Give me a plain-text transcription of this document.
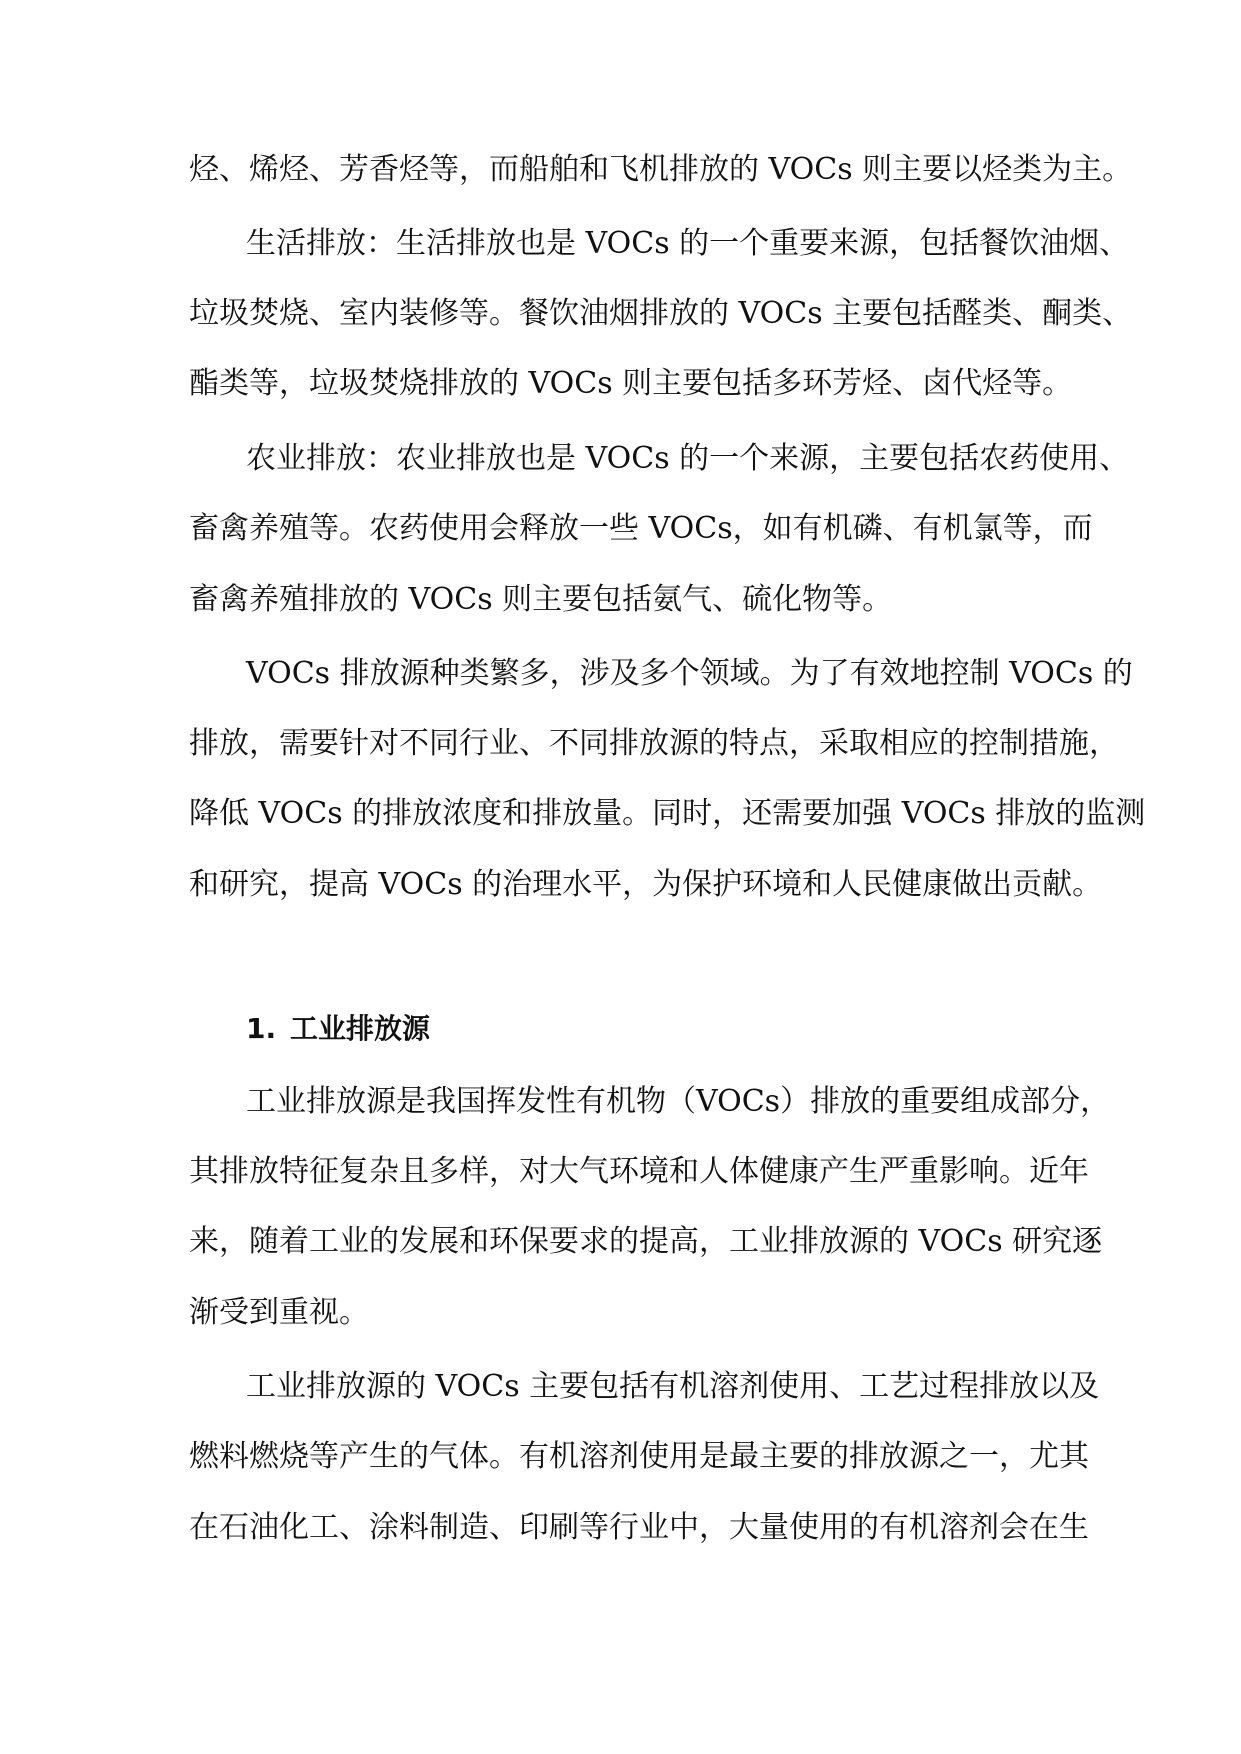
烃、烯烃、芳香烃等，而船舶和飞机排放的 VOCs 则主要以烃类为主。
生活排放：生活排放也是 VOCs 的一个重要来源，包括餐饮油烟、
垃圾焚烧、室内装修等。餐饮油烟排放的 VOCs 主要包括醛类、酮类、
酯类等，垃圾焚烧排放的 VOCs 则主要包括多环芳烃、卤代烃等。
农业排放：农业排放也是 VOCs 的一个来源，主要包括农药使用、
畜禽养殖等。农药使用会释放一些 VOCs，如有机磷、有机氯等，而
畜禽养殖排放的 VOCs 则主要包括氨气、硫化物等。
VOCs 排放源种类繁多，涉及多个领域。为了有效地控制 VOCs 的
排放，需要针对不同行业、不同排放源的特点，采取相应的控制措施，
降低 VOCs 的排放浓度和排放量。同时，还需要加强 VOCs 排放的监测
和研究，提高 VOCs 的治理水平，为保护环境和人民健康做出贡献。
1. 工业排放源
工业排放源是我国挥发性有机物（VOCs）排放的重要组成部分，
其排放特征复杂且多样，对大气环境和人体健康产生严重影响。近年
来，随着工业的发展和环保要求的提高，工业排放源的 VOCs 研究逐
渐受到重视。
工业排放源的 VOCs 主要包括有机溶剂使用、工艺过程排放以及
燃料燃烧等产生的气体。有机溶剂使用是最主要的排放源之一，尤其
在石油化工、涂料制造、印刷等行业中，大量使用的有机溶剂会在生
